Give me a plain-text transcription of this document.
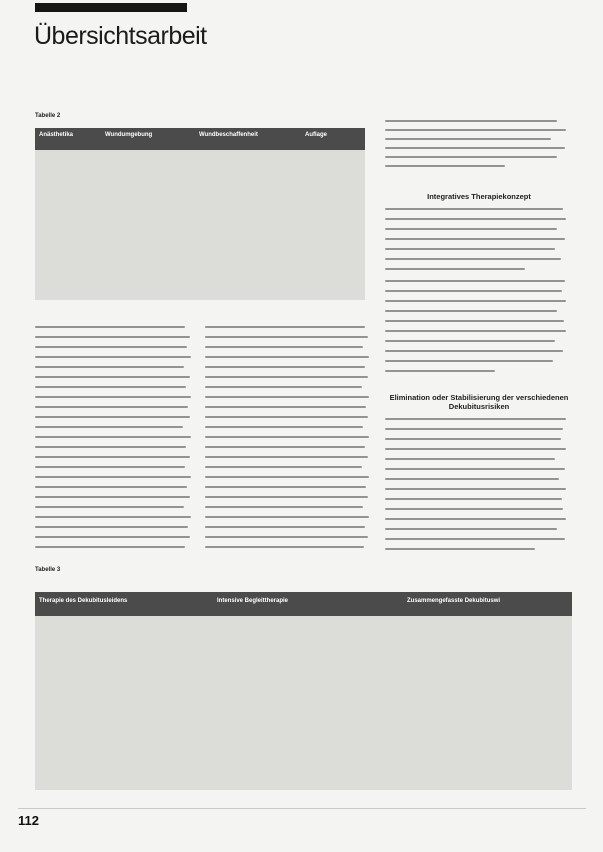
Übersichtsarbeit
Tabelle 2
Anästhetika	Wundumgebung	Wundbeschaffenheit	Auflage
Integratives Therapiekonzept
Elimination oder Stabilisierung der verschiedenen Dekubitusrisiken
Tabelle 3
Therapie des Dekubitusleidens	Intensive Begleittherapie	Zusammengefasste Dekubituswi
112
